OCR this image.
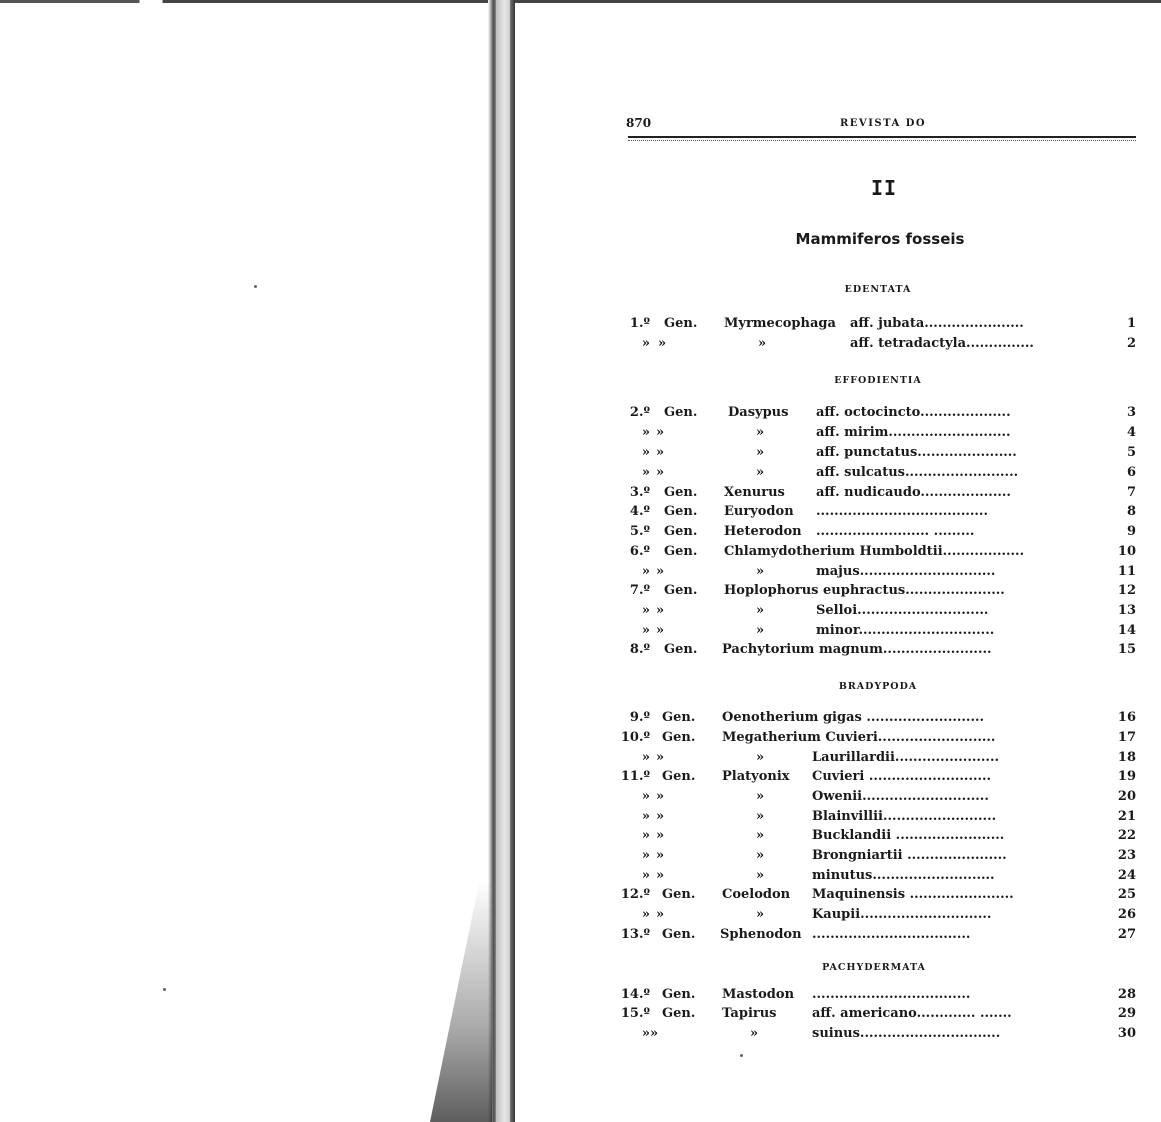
870	REVISTA DO
II
Mammiferos fosseis
EDENTATA
EFFODIENTIA
BRADYPODA
PACHYDERMATA
1.º Gen. Myrmecophaga aff. jubata......................	1
» »	»	aff. tetradactyla...............	2
2.º Gen. Dasypus aff. octocincto....................	3
» »	»	aff. mirim...........................	4
» »	»	aff. punctatus......................	5
» »	»	aff. sulcatus.........................	6
3.º Gen. Xenurus aff. nudicaudo....................	7
4.º Gen. Euryodon ......................................	8
5.º Gen. Heterodon ......................... .........	9
6.º Gen. Chlamydotherium Humboldtii..................	10
» »	»	majus..............................	11
7.º Gen. Hoplophorus euphractus......................	12
» »	»	Selloi.............................	13
» »	»	minor..............................	14
8.º Gen. Pachytorium magnum........................	15
9.º Gen. Oenotherium gigas ..........................	16
10.º Gen. Megatherium Cuvieri..........................	17
» »	»	Laurillardii.......................	18
11.º Gen. Platyonix Cuvieri ...........................	19
» »	»	Owenii............................	20
» »	»	Blainvillii.........................	21
» »	»	Bucklandii ........................	22
» »	»	Brongniartii ......................	23
» »	»	minutus...........................	24
12.º Gen. Coelodon Maquinensis .......................	25
» »	»	Kaupii.............................	26
13.º Gen. Sphenodon ...................................	27
14.º Gen. Mastodon ...................................	28
15.º Gen. Tapirus	aff. americano............. .......	29
» »	»	suinus...............................	30
